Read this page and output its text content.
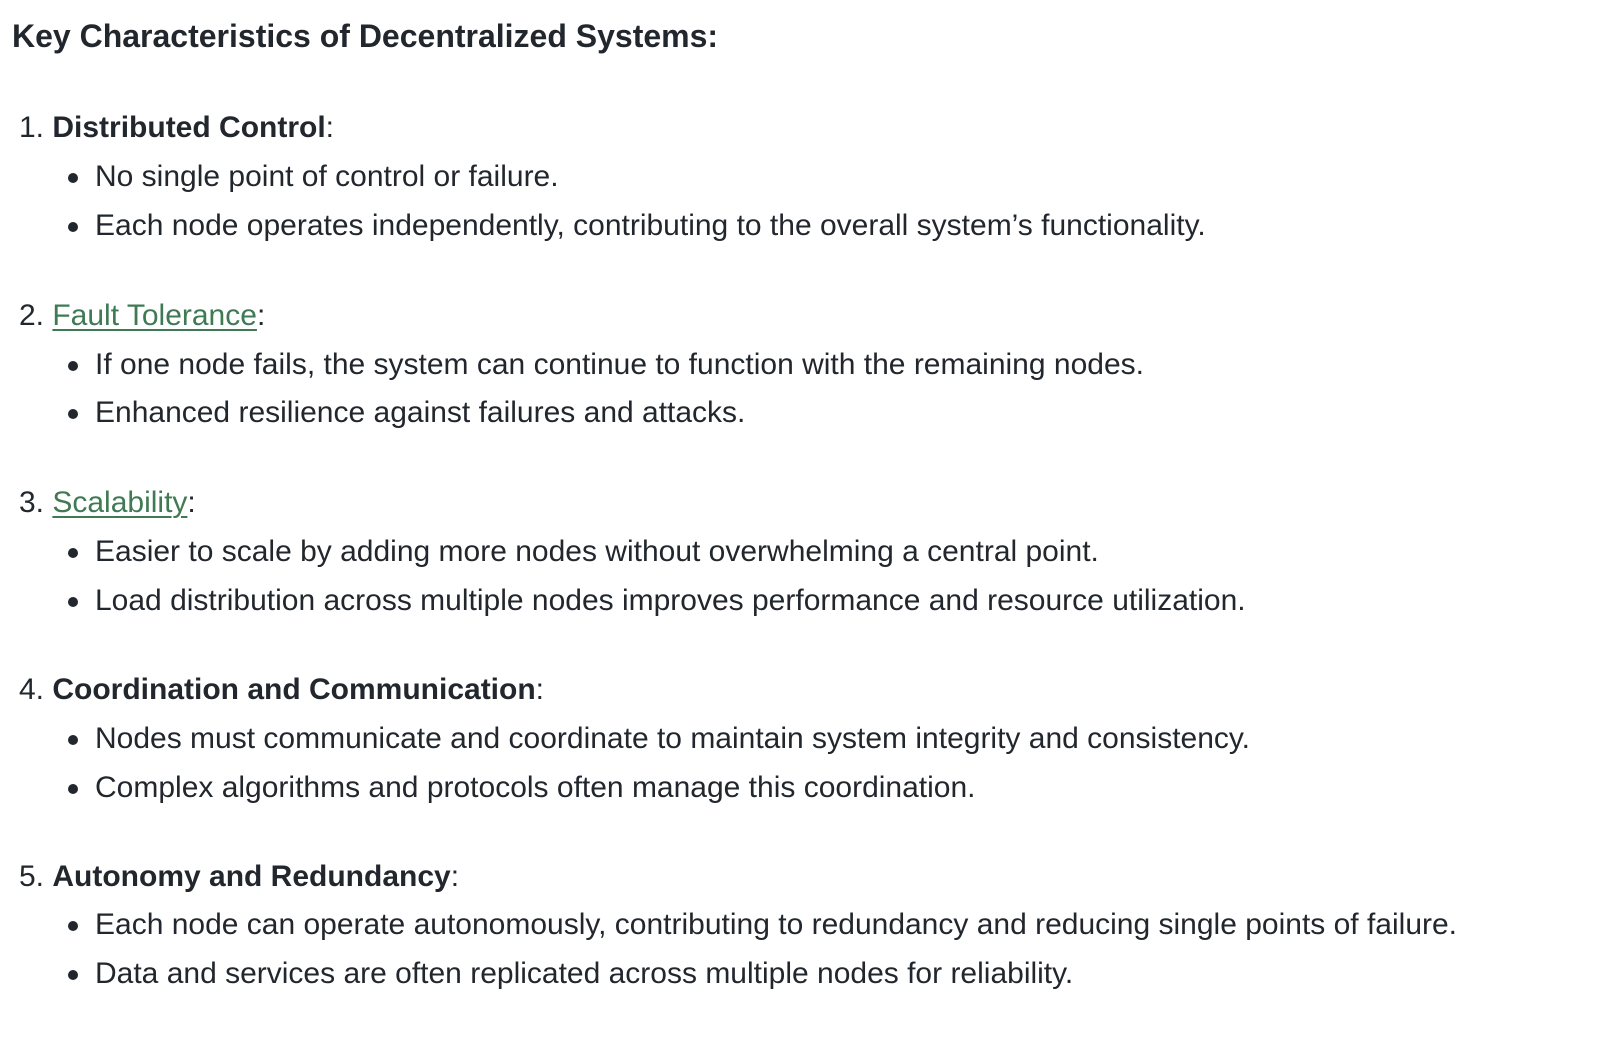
Key Characteristics of Decentralized Systems:
1. Distributed Control:
No single point of control or failure.
Each node operates independently, contributing to the overall system’s functionality.
2. Fault Tolerance:
If one node fails, the system can continue to function with the remaining nodes.
Enhanced resilience against failures and attacks.
3. Scalability:
Easier to scale by adding more nodes without overwhelming a central point.
Load distribution across multiple nodes improves performance and resource utilization.
4. Coordination and Communication:
Nodes must communicate and coordinate to maintain system integrity and consistency.
Complex algorithms and protocols often manage this coordination.
5. Autonomy and Redundancy:
Each node can operate autonomously, contributing to redundancy and reducing single points of failure.
Data and services are often replicated across multiple nodes for reliability.
